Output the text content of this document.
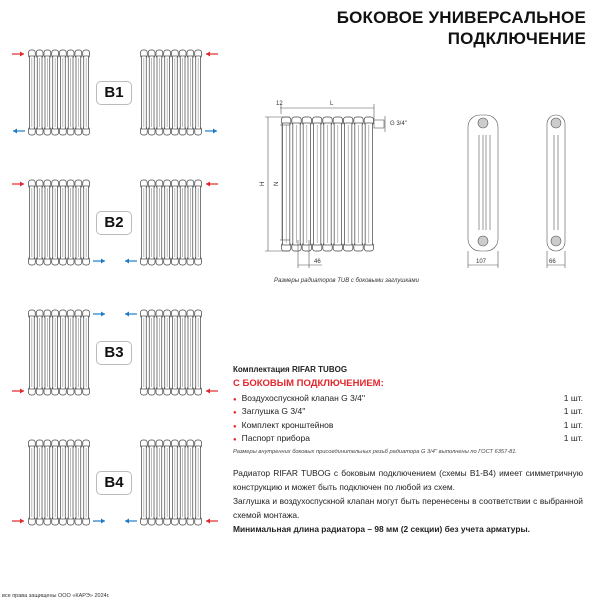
БОКОВОЕ УНИВЕРСАЛЬНОЕ
ПОДКЛЮЧЕНИЕ
B1
B2
B3
B4
12	L
G 3/4''
H N
46	107	66
Размеры радиаторов TUB с боковыми заглушками
Комплектация RIFAR TUBOG
С БОКОВЫМ ПОДКЛЮЧЕНИЕМ:
● Воздухоспускной клапан G 3/4''	1 шт.
● Заглушка G 3/4''	1 шт.
● Комплект кронштейнов	1 шт.
● Паспорт прибора	1 шт.
Размеры внутренних боковых присоединительных резьб радиатора G 3/4'' выполнены по ГОСТ 6357-81.
Радиатор RIFAR TUBOG с боковым подключением (схемы B1-B4) имеет симметричную конструкцию и может быть подключен по любой из схем.
Заглушка и воздухоспускной клапан могут быть перенесены в соответствии с выбранной схемой монтажа.
Минимальная длина радиатора – 98 мм (2 секции) без учета арматуры.
все права защищены ООО «КАРЭ» 2024г.
